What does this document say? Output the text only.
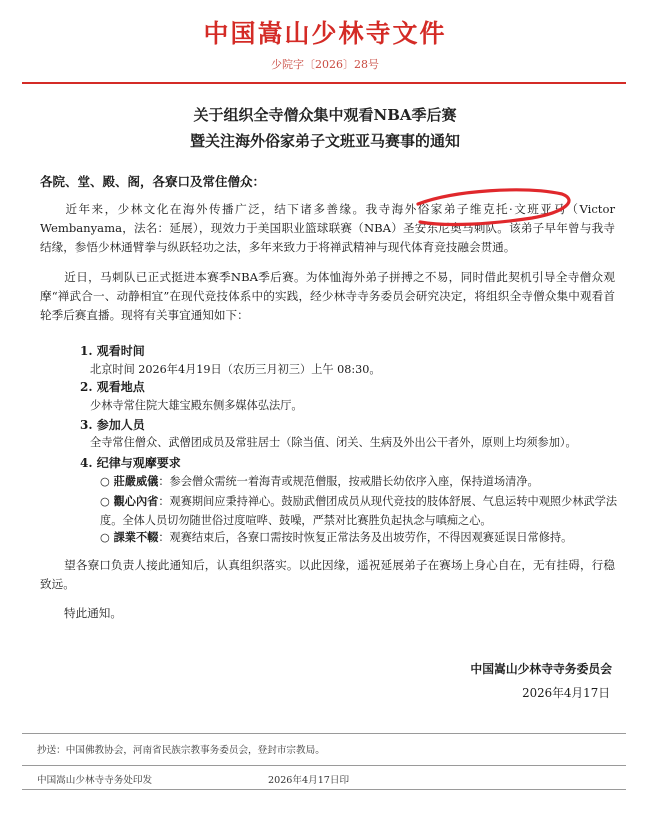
中国嵩山少林寺文件
少院字〔2026〕28号
关于组织全寺僧众集中观看NBA季后赛
暨关注海外俗家弟子文班亚马赛事的通知
各院、堂、殿、阁，各寮口及常住僧众：

近年来，少林文化在海外传播广泛，结下诸多善缘。我寺海外俗家弟子维克托·文班亚马（Victor Wembanyama，法名：延展），现效力于美国职业篮球联赛（NBA）圣安东尼奥马刺队。该弟子早年曾与我寺结缘，参悟少林通臂拳与纵跃轻功之法，多年来致力于将禅武精神与现代体育竞技融会贯通。

近日，马刺队已正式挺进本赛季NBA季后赛。为体恤海外弟子拼搏之不易，同时借此契机引导全寺僧众观摩“禅武合一、动静相宜”在现代竞技体系中的实践，经少林寺寺务委员会研究决定，将组织全寺僧众集中观看首轮季后赛直播。现将有关事宜通知如下：

1. 观看时间

北京时间 2026年4月19日（农历三月初三）上午 08:30。

2. 观看地点

少林寺常住院大雄宝殿东侧多媒体弘法厅。

3. 参加人员

全寺常住僧众、武僧团成员及常驻居士（除当值、闭关、生病及外出公干者外，原则上均须参加）。

4. 纪律与观摩要求

○ 莊嚴威儀：参会僧众需统一着海青或规范僧服，按戒腊长幼依序入座，保持道场清净。

○ 觀心內省：观赛期间应秉持禅心。鼓励武僧团成员从现代竞技的肢体舒展、气息运转中观照少林武学法度。全体人员切勿随世俗过度喧哗、鼓噪，严禁对比赛胜负起执念与嗔痴之心。

○ 課業不輟：观赛结束后，各寮口需按时恢复正常法务及出坡劳作，不得因观赛延误日常修持。

望各寮口负责人接此通知后，认真组织落实。以此因缘，遥祝延展弟子在赛场上身心自在，无有挂碍，行稳致远。

特此通知。

中国嵩山少林寺寺务委员会
2026年4月17日
抄送：中国佛教协会，河南省民族宗教事务委员会，登封市宗教局。
中国嵩山少林寺寺务处印发	2026年4月17日印
